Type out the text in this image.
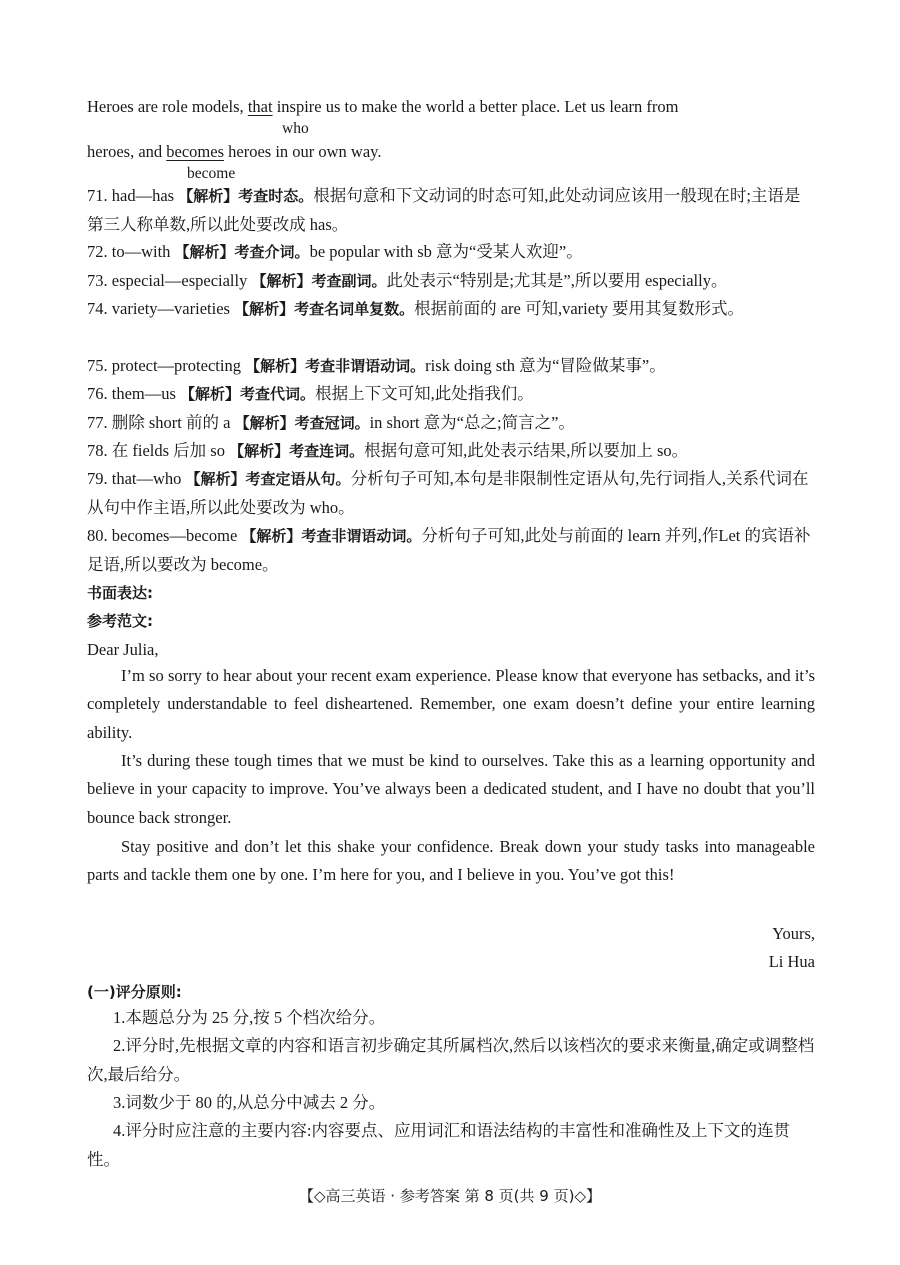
Heroes are role models, that inspire us to make the world a better place. Let us learn from
who
heroes, and becomes heroes in our own way.
become
71. had—has 【解析】考查时态。根据句意和下文动词的时态可知,此处动词应该用一般现在时;主语是第三人称单数,所以此处要改成 has。
72. to—with 【解析】考查介词。be popular with sb 意为“受某人欢迎”。
73. especial—especially 【解析】考查副词。此处表示“特别是;尤其是”,所以要用 especially。
74. variety—varieties 【解析】考查名词单复数。根据前面的 are 可知,variety 要用其复数形式。
75. protect—protecting 【解析】考查非谓语动词。risk doing sth 意为“冒险做某事”。
76. them—us 【解析】考查代词。根据上下文可知,此处指我们。
77. 删除 short 前的 a 【解析】考查冠词。in short 意为“总之;简言之”。
78. 在 fields 后加 so 【解析】考查连词。根据句意可知,此处表示结果,所以要加上 so。
79. that—who 【解析】考查定语从句。分析句子可知,本句是非限制性定语从句,先行词指人,关系代词在从句中作主语,所以此处要改为 who。
80. becomes—become 【解析】考查非谓语动词。分析句子可知,此处与前面的 learn 并列,作Let 的宾语补足语,所以要改为 become。
书面表达:
参考范文:
Dear Julia,
I’m so sorry to hear about your recent exam experience. Please know that everyone has setbacks, and it’s completely understandable to feel disheartened. Remember, one exam doesn’t define your entire learning ability.
It’s during these tough times that we must be kind to ourselves. Take this as a learning opportunity and believe in your capacity to improve. You’ve always been a dedicated student, and I have no doubt that you’ll bounce back stronger.
Stay positive and don’t let this shake your confidence. Break down your study tasks into manageable parts and tackle them one by one. I’m here for you, and I believe in you. You’ve got this!
Yours,
Li Hua
(一)评分原则:
1.本题总分为 25 分,按 5 个档次给分。
2.评分时,先根据文章的内容和语言初步确定其所属档次,然后以该档次的要求来衡量,确定或调整档次,最后给分。
3.词数少于 80 的,从总分中减去 2 分。
4.评分时应注意的主要内容:内容要点、应用词汇和语法结构的丰富性和准确性及上下文的连贯性。
【◇高三英语 · 参考答案 第 8 页(共 9 页)◇】
